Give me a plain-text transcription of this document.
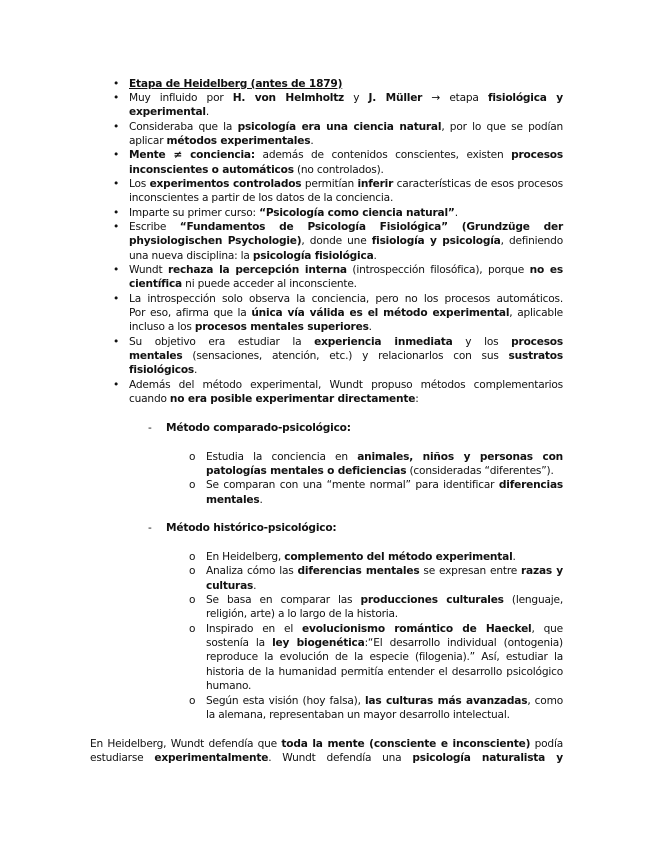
• Etapa de Heidelberg (antes de 1879)
• Muy influido por H. von Helmholtz y J. Müller → etapa fisiológica y
experimental.
• Consideraba que la psicología era una ciencia natural, por lo que se podían
aplicar métodos experimentales.
• Mente ≠ conciencia: además de contenidos conscientes, existen procesos
inconscientes o automáticos (no controlados).
• Los experimentos controlados permitían inferir características de esos procesos
inconscientes a partir de los datos de la conciencia.
• Imparte su primer curso: “Psicología como ciencia natural”.
• Escribe “Fundamentos de Psicología Fisiológica” (Grundzüge der
physiologischen Psychologie), donde une fisiología y psicología, definiendo
una nueva disciplina: la psicología fisiológica.
• Wundt rechaza la percepción interna (introspección filosófica), porque no es
científica ni puede acceder al inconsciente.
• La introspección solo observa la conciencia, pero no los procesos automáticos.
Por eso, afirma que la única vía válida es el método experimental, aplicable
incluso a los procesos mentales superiores.
• Su objetivo era estudiar la experiencia inmediata y los procesos
mentales (sensaciones, atención, etc.) y relacionarlos con sus sustratos
fisiológicos.
• Además del método experimental, Wundt propuso métodos complementarios
cuando no era posible experimentar directamente:
- Método comparado-psicológico:
o Estudia la conciencia en animales, niños y personas con
patologías mentales o deficiencias (consideradas “diferentes”).
o Se comparan con una “mente normal” para identificar diferencias
mentales.
- Método histórico-psicológico:
o En Heidelberg, complemento del método experimental.
o Analiza cómo las diferencias mentales se expresan entre razas y
culturas.
o Se basa en comparar las producciones culturales (lenguaje,
religión, arte) a lo largo de la historia.
o Inspirado en el evolucionismo romántico de Haeckel, que
sostenía la ley biogenética:“El desarrollo individual (ontogenia)
reproduce la evolución de la especie (filogenia).” Así, estudiar la
historia de la humanidad permitía entender el desarrollo psicológico
humano.
o Según esta visión (hoy falsa), las culturas más avanzadas, como
la alemana, representaban un mayor desarrollo intelectual.
En Heidelberg, Wundt defendía que toda la mente (consciente e inconsciente) podía
estudiarse experimentalmente. Wundt defendía una psicología naturalista y
